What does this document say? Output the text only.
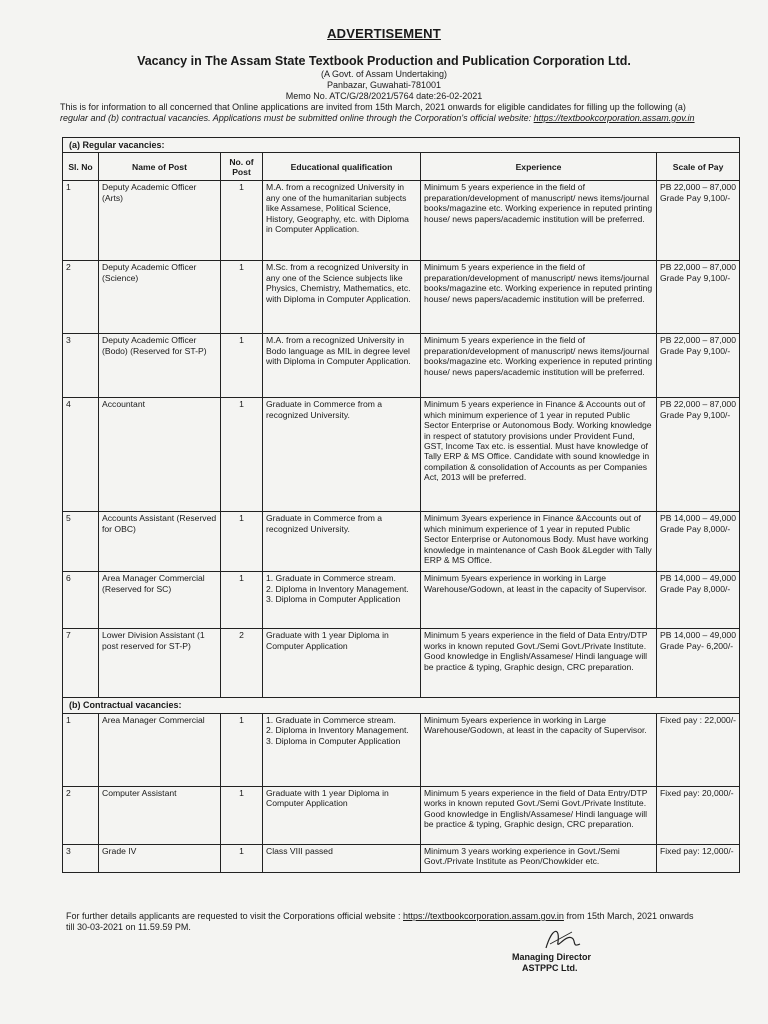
ADVERTISEMENT
Vacancy in The Assam State Textbook Production and Publication Corporation Ltd.
(A Govt. of Assam Undertaking)
Panbazar, Guwahati-781001
Memo No. ATC/G/28/2021/5764 date:26-02-2021
This is for information to all concerned that Online applications are invited from 15th March, 2021 onwards for eligible candidates for filling up the following (a)
regular and (b) contractual vacancies. Applications must be submitted online through the Corporation's official website: https://textbookcorporation.assam.gov.in
(a) Regular vacancies:					
Sl. No	Name of Post	No. of Post	Educational qualification	Experience	Scale of Pay
1	Deputy Academic Officer (Arts)	1	M.A. from a recognized University in any one of the humanitarian subjects like Assamese, Political Science, History, Geography, etc. with Diploma in Computer Application.	Minimum 5 years experience in the field of preparation/development of manuscript/ news items/journal books/magazine etc. Working experience in reputed printing house/ news papers/academic institution will be preferred.	PB 22,000 – 87,000 Grade Pay 9,100/-
2	Deputy Academic Officer (Science)	1	M.Sc. from a recognized University in any one of the Science subjects like Physics, Chemistry, Mathematics, etc. with Diploma in Computer Application.	Minimum 5 years experience in the field of preparation/development of manuscript/ news items/journal books/magazine etc. Working experience in reputed printing house/ news papers/academic institution will be preferred.	PB 22,000 – 87,000 Grade Pay 9,100/-
3	Deputy Academic Officer (Bodo) (Reserved for ST-P)	1	M.A. from a recognized University in Bodo language as MIL in degree level with Diploma in Computer Application.	Minimum 5 years experience in the field of preparation/development of manuscript/ news items/journal books/magazine etc. Working experience in reputed printing house/ news papers/academic institution will be preferred.	PB 22,000 – 87,000 Grade Pay 9,100/-
4	Accountant	1	Graduate in Commerce from a recognized University.	Minimum 5 years experience in Finance & Accounts out of which minimum experience of 1 year in reputed Public Sector Enterprise or Autonomous Body. Working knowledge in respect of statutory provisions under Provident Fund, GST, Income Tax etc. is essential. Must have knowledge of Tally ERP & MS Office. Candidate with sound knowledge in compilation & consolidation of Accounts as per Companies Act, 2013 will be preferred.	PB 22,000 – 87,000 Grade Pay 9,100/-
5	Accounts Assistant (Reserved for OBC)	1	Graduate in Commerce from a recognized University.	Minimum 3years experience in Finance &Accounts out of which minimum experience of 1 year in reputed Public Sector Enterprise or Autonomous Body. Must have working knowledge in maintenance of Cash Book &Legder with Tally ERP & MS Office.	PB 14,000 – 49,000 Grade Pay 8,000/-
6	Area Manager Commercial (Reserved for SC)	1	1. Graduate in Commerce stream.
2. Diploma in Inventory Management.
3. Diploma in Computer Application	Minimum 5years experience in working in Large Warehouse/Godown, at least in the capacity of Supervisor.	PB 14,000 – 49,000 Grade Pay 8,000/-
7	Lower Division Assistant (1 post reserved for ST-P)	2	Graduate with 1 year Diploma in Computer Application	Minimum 5 years experience in the field of Data Entry/DTP works in known reputed Govt./Semi Govt./Private Institute. Good knowledge in English/Assamese/ Hindi language will be practice & typing, Graphic design, CRC preparation.	PB 14,000 – 49,000 Grade Pay- 6,200/-
(b) Contractual vacancies:					
1	Area Manager Commercial	1	1. Graduate in Commerce stream.
2. Diploma in Inventory Management.
3. Diploma in Computer Application	Minimum 5years experience in working in Large Warehouse/Godown, at least in the capacity of Supervisor.	Fixed pay : 22,000/-
2	Computer Assistant	1	Graduate with 1 year Diploma in Computer Application	Minimum 5 years experience in the field of Data Entry/DTP works in known reputed Govt./Semi Govt./Private Institute. Good knowledge in English/Assamese/ Hindi language will be practice & typing, Graphic design, CRC preparation.	Fixed pay: 20,000/-
3	Grade IV	1	Class VIII passed	Minimum 3 years working experience in Govt./Semi Govt./Private Institute as Peon/Chowkider etc.	Fixed pay: 12,000/-
For further details applicants are requested to visit the Corporations official website : https://textbookcorporation.assam.gov.in from 15th March, 2021 onwards
till 30-03-2021 on 11.59.59 PM.
Managing Director
ASTPPC Ltd.
